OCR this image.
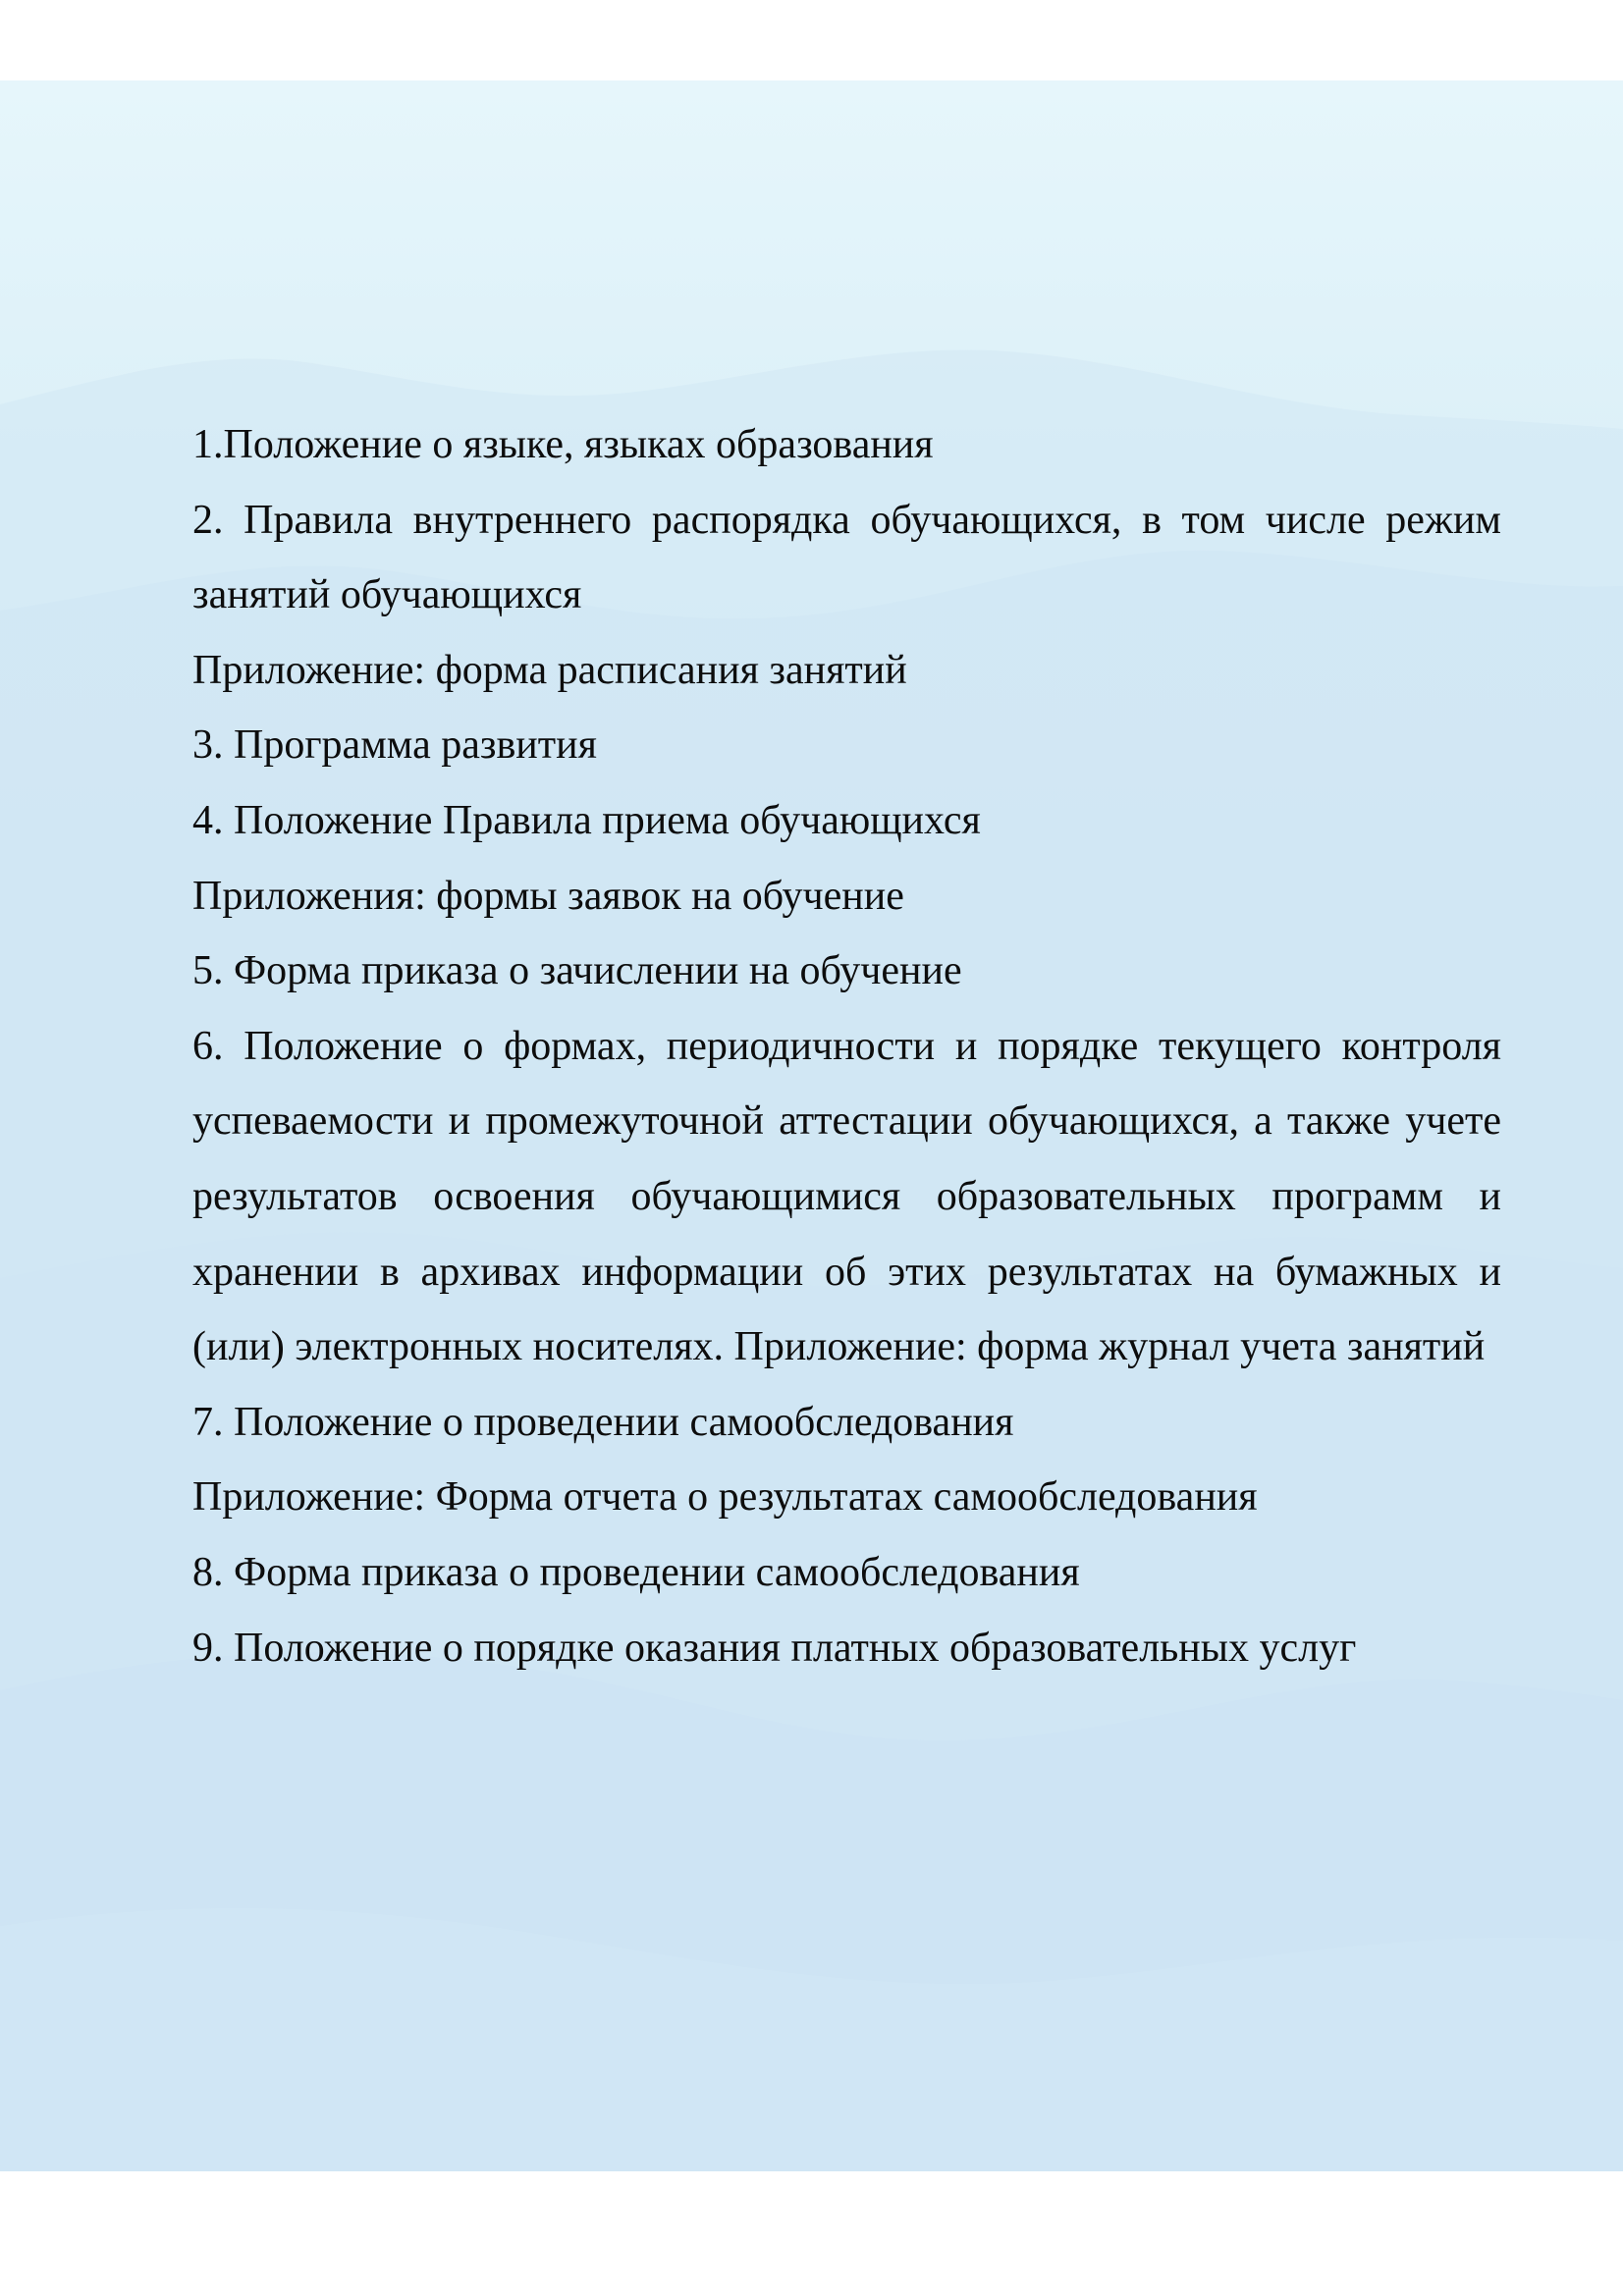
1.Положение о языке, языках образования

2. Правила внутреннего распорядка обучающихся, в том числе режим занятий обучающихся

Приложение: форма расписания занятий

3. Программа развития

4. Положение Правила приема обучающихся

Приложения: формы заявок на обучение

5. Форма приказа о зачислении на обучение

6. Положение о формах, периодичности и порядке текущего контроля успеваемости и промежуточной аттестации обучающихся, а также учете результатов освоения обучающимися образовательных программ и хранении в архивах информации об этих результатах на бумажных и (или) электронных носителях. Приложение: форма журнал учета занятий

7. Положение о проведении самообследования

Приложение: Форма отчета о результатах самообследования

8. Форма приказа о проведении самообследования

9. Положение о порядке оказания платных образовательных услуг
